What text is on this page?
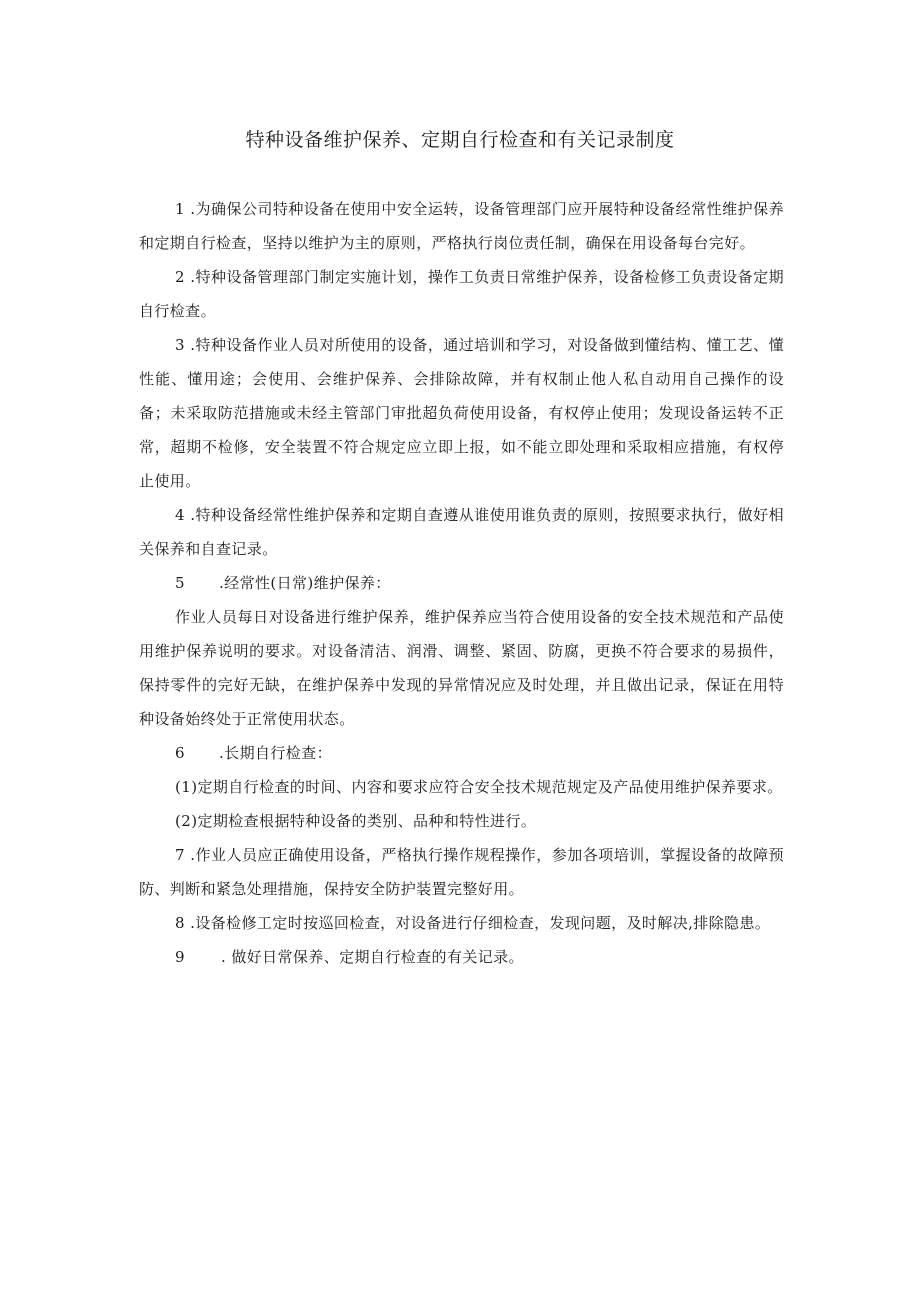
特种设备维护保养、定期自行检查和有关记录制度

1 .为确保公司特种设备在使用中安全运转，设备管理部门应开展特种设备经常性维护保养和定期自行检查，坚持以维护为主的原则，严格执行岗位责任制，确保在用设备每台完好。

2 .特种设备管理部门制定实施计划，操作工负责日常维护保养，设备检修工负责设备定期自行检查。

3 .特种设备作业人员对所使用的设备，通过培训和学习，对设备做到懂结构、懂工艺、懂性能、懂用途；会使用、会维护保养、会排除故障，并有权制止他人私自动用自己操作的设备；未采取防范措施或未经主管部门审批超负荷使用设备，有权停止使用；发现设备运转不正常，超期不检修，安全装置不符合规定应立即上报，如不能立即处理和采取相应措施，有权停止使用。

4 .特种设备经常性维护保养和定期自查遵从谁使用谁负责的原则，按照要求执行，做好相关保养和自查记录。

5 .经常性(日常)维护保养：

作业人员每日对设备进行维护保养，维护保养应当符合使用设备的安全技术规范和产品使用维护保养说明的要求。对设备清洁、润滑、调整、紧固、防腐，更换不符合要求的易损件，保持零件的完好无缺，在维护保养中发现的异常情况应及时处理，并且做出记录，保证在用特种设备始终处于正常使用状态。

6 .长期自行检查：

(1)定期自行检查的时间、内容和要求应符合安全技术规范规定及产品使用维护保养要求。

(2)定期检查根据特种设备的类别、品种和特性进行。

7 .作业人员应正确使用设备，严格执行操作规程操作，参加各项培训，掌握设备的故障预防、判断和紧急处理措施，保持安全防护装置完整好用。

8 .设备检修工定时按巡回检查，对设备进行仔细检查，发现问题，及时解决,排除隐患。

9 . 做好日常保养、定期自行检查的有关记录。
